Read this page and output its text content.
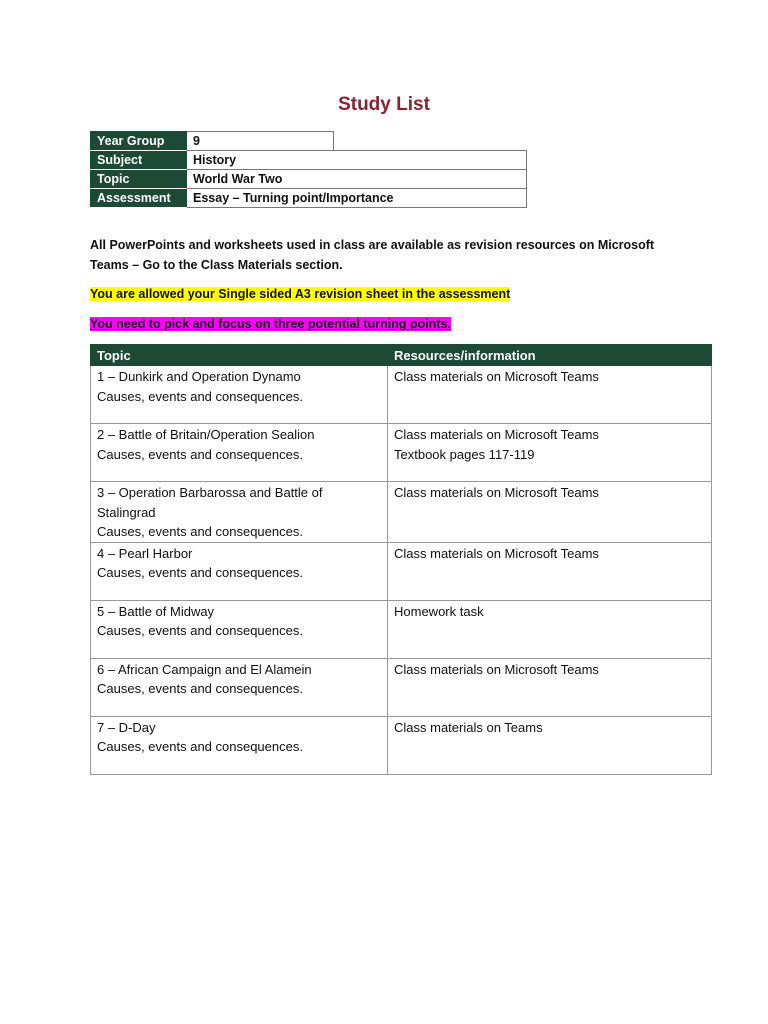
Study List
Year Group	9	
Subject	History	
Topic	World War Two	
Assessment	Essay – Turning point/Importance	
All PowerPoints and worksheets used in class are available as revision resources on Microsoft
Teams – Go to the Class Materials section.
You are allowed your Single sided A3 revision sheet in the assessment
You need to pick and focus on three potential turning points.
Topic	Resources/information

1 – Dunkirk and Operation Dynamo
Causes, events and consequences.	Class materials on Microsoft Teams

2 – Battle of Britain/Operation Sealion
Causes, events and consequences.	Class materials on Microsoft Teams
Textbook pages 117-119

3 – Operation Barbarossa and Battle of
Stalingrad
Causes, events and consequences.	Class materials on Microsoft Teams

4 – Pearl Harbor
Causes, events and consequences.	Class materials on Microsoft Teams

5 – Battle of Midway
Causes, events and consequences.	Homework task

6 – African Campaign and El Alamein
Causes, events and consequences.	Class materials on Microsoft Teams

7 – D-Day
Causes, events and consequences.	Class materials on Teams
